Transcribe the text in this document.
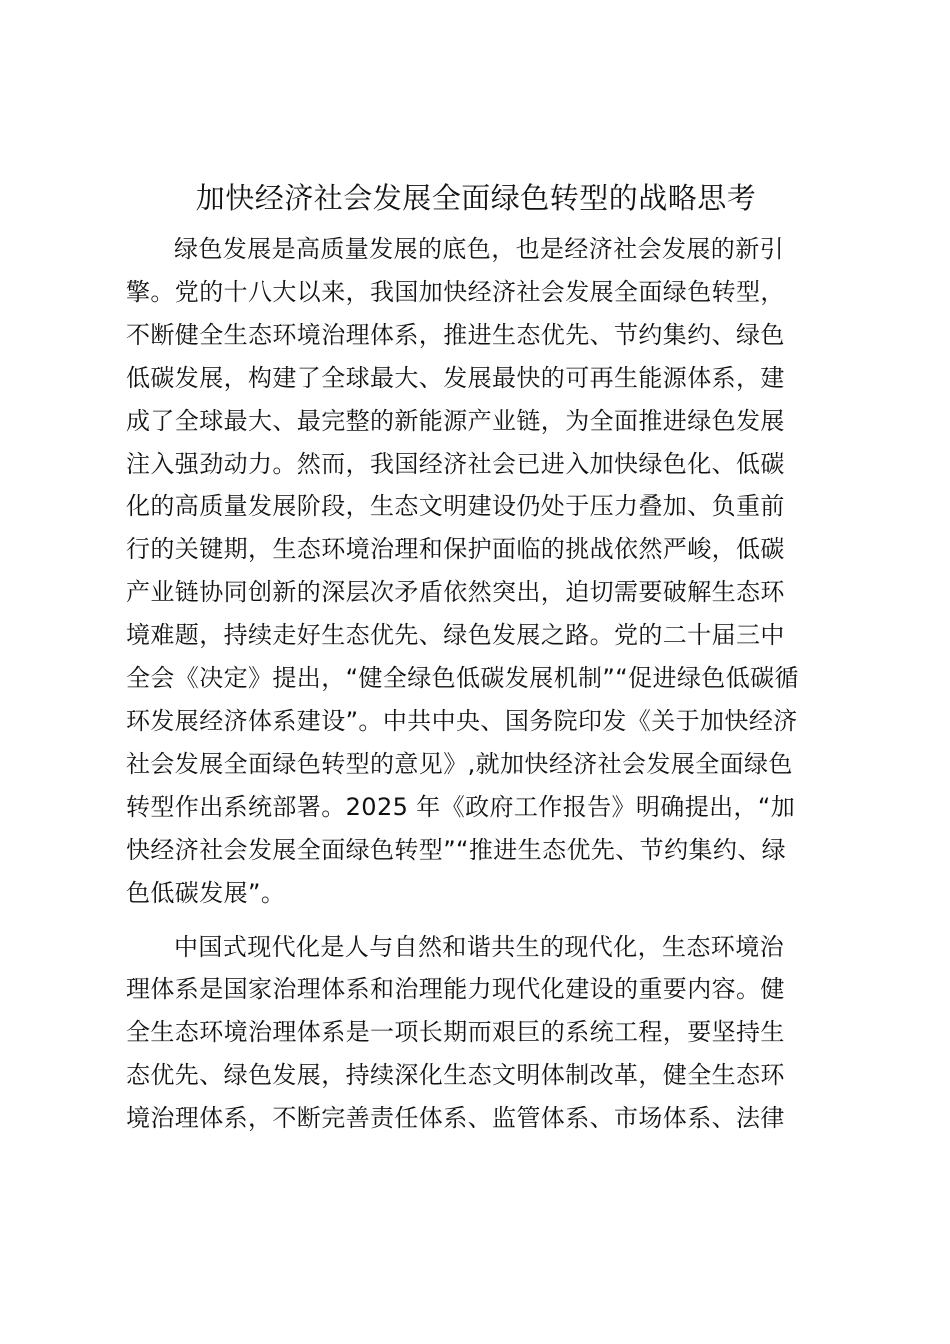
加快经济社会发展全面绿色转型的战略思考

绿色发展是高质量发展的底色，也是经济社会发展的新引
擎。党的十八大以来，我国加快经济社会发展全面绿色转型，
不断健全生态环境治理体系，推进生态优先、节约集约、绿色
低碳发展，构建了全球最大、发展最快的可再生能源体系，建
成了全球最大、最完整的新能源产业链，为全面推进绿色发展
注入强劲动力。然而，我国经济社会已进入加快绿色化、低碳
化的高质量发展阶段，生态文明建设仍处于压力叠加、负重前
行的关键期，生态环境治理和保护面临的挑战依然严峻，低碳
产业链协同创新的深层次矛盾依然突出，迫切需要破解生态环
境难题，持续走好生态优先、绿色发展之路。党的二十届三中
全会《决定》提出，“健全绿色低碳发展机制”“促进绿色低碳循
环发展经济体系建设”。中共中央、国务院印发《关于加快经济
社会发展全面绿色转型的意见》,就加快经济社会发展全面绿色
转型作出系统部署。2025 年《政府工作报告》明确提出，“加
快经济社会发展全面绿色转型”“推进生态优先、节约集约、绿
色低碳发展”。

中国式现代化是人与自然和谐共生的现代化，生态环境治
理体系是国家治理体系和治理能力现代化建设的重要内容。健
全生态环境治理体系是一项长期而艰巨的系统工程，要坚持生
态优先、绿色发展，持续深化生态文明体制改革，健全生态环
境治理体系，不断完善责任体系、监管体系、市场体系、法律
